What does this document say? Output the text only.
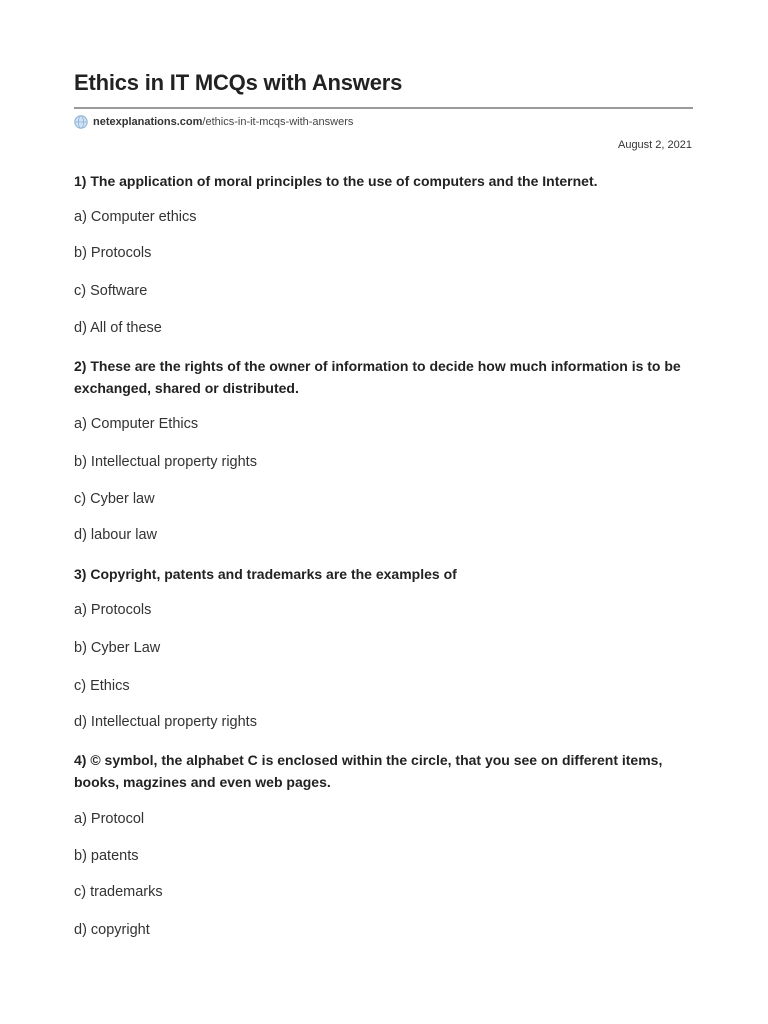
Ethics in IT MCQs with Answers
netexplanations.com /ethics-in-it-mcqs-with-answers
August 2, 2021
1) The application of moral principles to the use of computers and the Internet.
a) Computer ethics
b) Protocols
c) Software
d) All of these
2) These are the rights of the owner of information to decide how much information is to be exchanged, shared or distributed.
a) Computer Ethics
b) Intellectual property rights
c) Cyber law
d) labour law
3) Copyright, patents and trademarks are the examples of
a) Protocols
b) Cyber Law
c) Ethics
d) Intellectual property rights
4) © symbol, the alphabet C is enclosed within the circle, that you see on different items, books, magzines and even web pages.
a) Protocol
b) patents
c) trademarks
d) copyright
